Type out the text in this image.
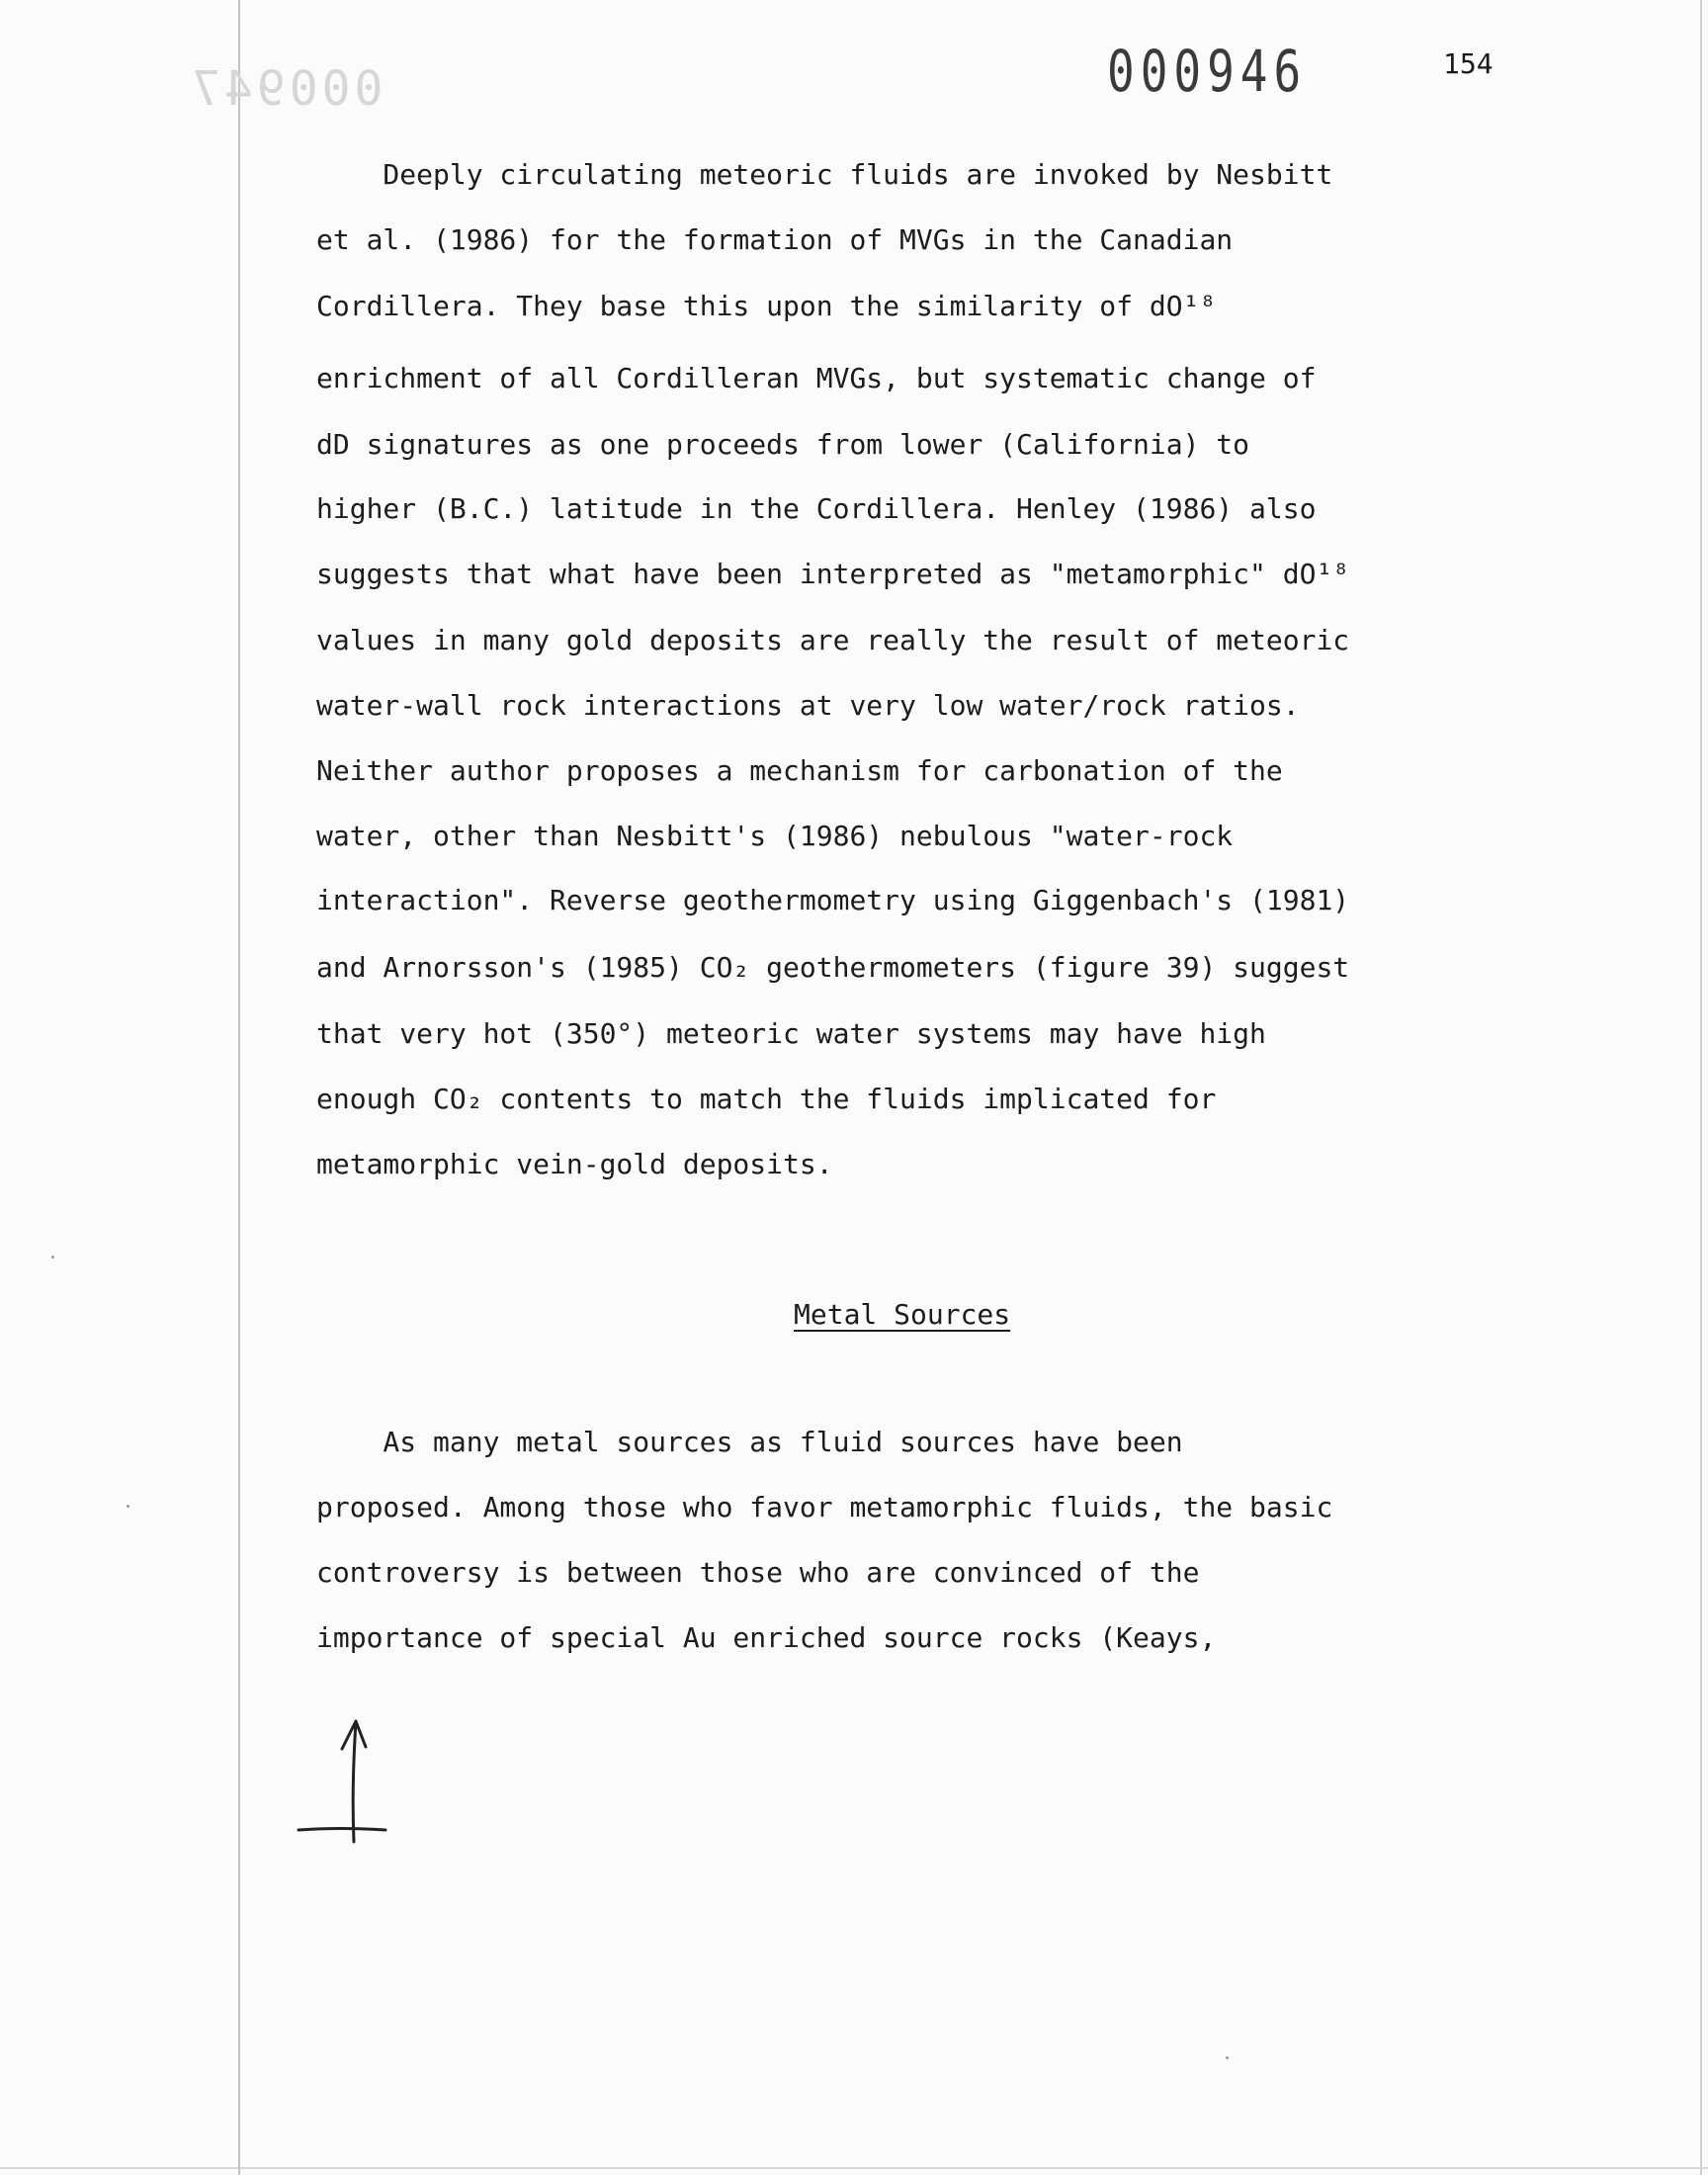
000947	000946	154
Deeply circulating meteoric fluids are invoked by Nesbitt
et al. (1986) for the formation of MVGs in the Canadian
Cordillera. They base this upon the similarity of dO¹⁸
enrichment of all Cordilleran MVGs, but systematic change of
dD signatures as one proceeds from lower (California) to
higher (B.C.) latitude in the Cordillera. Henley (1986) also
suggests that what have been interpreted as "metamorphic" dO¹⁸
values in many gold deposits are really the result of meteoric
water-wall rock interactions at very low water/rock ratios.
Neither author proposes a mechanism for carbonation of the
water, other than Nesbitt's (1986) nebulous "water-rock
interaction". Reverse geothermometry using Giggenbach's (1981)
and Arnorsson's (1985) CO₂ geothermometers (figure 39) suggest
that very hot (350°) meteoric water systems may have high
enough CO₂ contents to match the fluids implicated for
metamorphic vein-gold deposits.
Metal Sources
As many metal sources as fluid sources have been
proposed. Among those who favor metamorphic fluids, the basic
controversy is between those who are convinced of the
importance of special Au enriched source rocks (Keays,
